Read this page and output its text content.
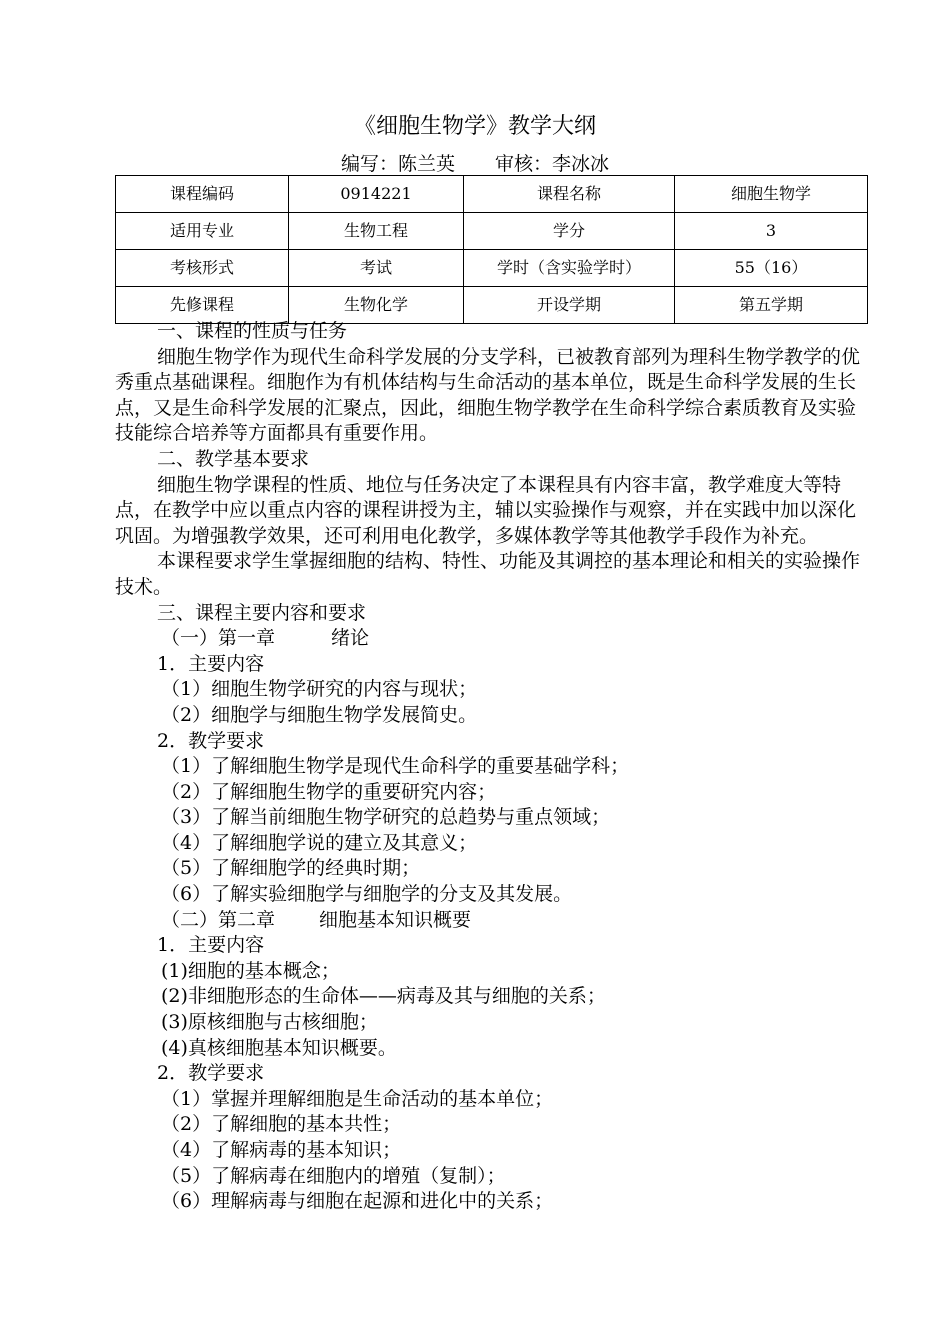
《细胞生物学》教学大纲
编写：陈兰英 审核：李冰冰
课程编码	0914221	课程名称	细胞生物学
适用专业	生物工程	学分	3
考核形式	考试	学时（含实验学时）	55（16）
先修课程	生物化学	开设学期	第五学期

一、课程的性质与任务

细胞生物学作为现代生命科学发展的分支学科，已被教育部列为理科生物学教学的优秀重点基础课程。细胞作为有机体结构与生命活动的基本单位，既是生命科学发展的生长点，又是生命科学发展的汇聚点，因此，细胞生物学教学在生命科学综合素质教育及实验技能综合培养等方面都具有重要作用。

二、教学基本要求

细胞生物学课程的性质、地位与任务决定了本课程具有内容丰富，教学难度大等特点，在教学中应以重点内容的课程讲授为主，辅以实验操作与观察，并在实践中加以深化巩固。为增强教学效果，还可利用电化教学，多媒体教学等其他教学手段作为补充。

本课程要求学生掌握细胞的结构、特性、功能及其调控的基本理论和相关的实验操作技术。

三、课程主要内容和要求

（一）第一章	绪论

1．主要内容

（1）细胞生物学研究的内容与现状；

（2）细胞学与细胞生物学发展简史。

2．教学要求

（1）了解细胞生物学是现代生命科学的重要基础学科；

（2）了解细胞生物学的重要研究内容；

（3）了解当前细胞生物学研究的总趋势与重点领域；

（4）了解细胞学说的建立及其意义；

（5）了解细胞学的经典时期；

（6）了解实验细胞学与细胞学的分支及其发展。

（二）第二章 细胞基本知识概要

1．主要内容

(1)细胞的基本概念；

(2)非细胞形态的生命体——病毒及其与细胞的关系；

(3)原核细胞与古核细胞；

(4)真核细胞基本知识概要。

2．教学要求

（1）掌握并理解细胞是生命活动的基本单位；

（2）了解细胞的基本共性；

（4）了解病毒的基本知识；

（5）了解病毒在细胞内的增殖（复制）；

（6）理解病毒与细胞在起源和进化中的关系；
